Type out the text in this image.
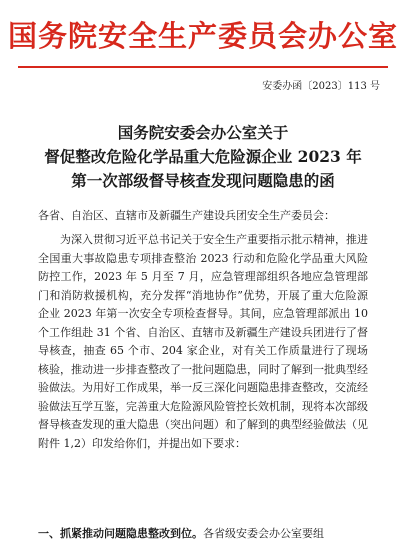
国务院安全生产委员会办公室
安委办函〔2023〕113 号
国务院安委会办公室关于
督促整改危险化学品重大危险源企业 2023 年
第一次部级督导核查发现问题隐患的函
各省、自治区、直辖市及新疆生产建设兵团安全生产委员会：

为深入贯彻习近平总书记关于安全生产重要指示批示精神，推进全国重大事故隐患专项排查整治 2023 行动和危险化学品重大风险防控工作，2023 年 5 月至 7 月，应急管理部组织各地应急管理部门和消防救援机构，充分发挥“消地协作”优势，开展了重大危险源企业 2023 年第一次安全专项检查督导。其间，应急管理部派出 10 个工作组赴 31 个省、自治区、直辖市及新疆生产建设兵团进行了督导核查，抽查 65 个市、204 家企业，对有关工作质量进行了现场核验，推动进一步排查整改了一批问题隐患，同时了解到一批典型经验做法。为用好工作成果，举一反三深化问题隐患排查整改，交流经验做法互学互鉴，完善重大危险源风险管控长效机制，现将本次部级督导核查发现的重大隐患（突出问题）和了解到的典型经验做法（见附件 1,2）印发给你们，并提出如下要求：

一、抓紧推动问题隐患整改到位。各省级安委会办公室要组
